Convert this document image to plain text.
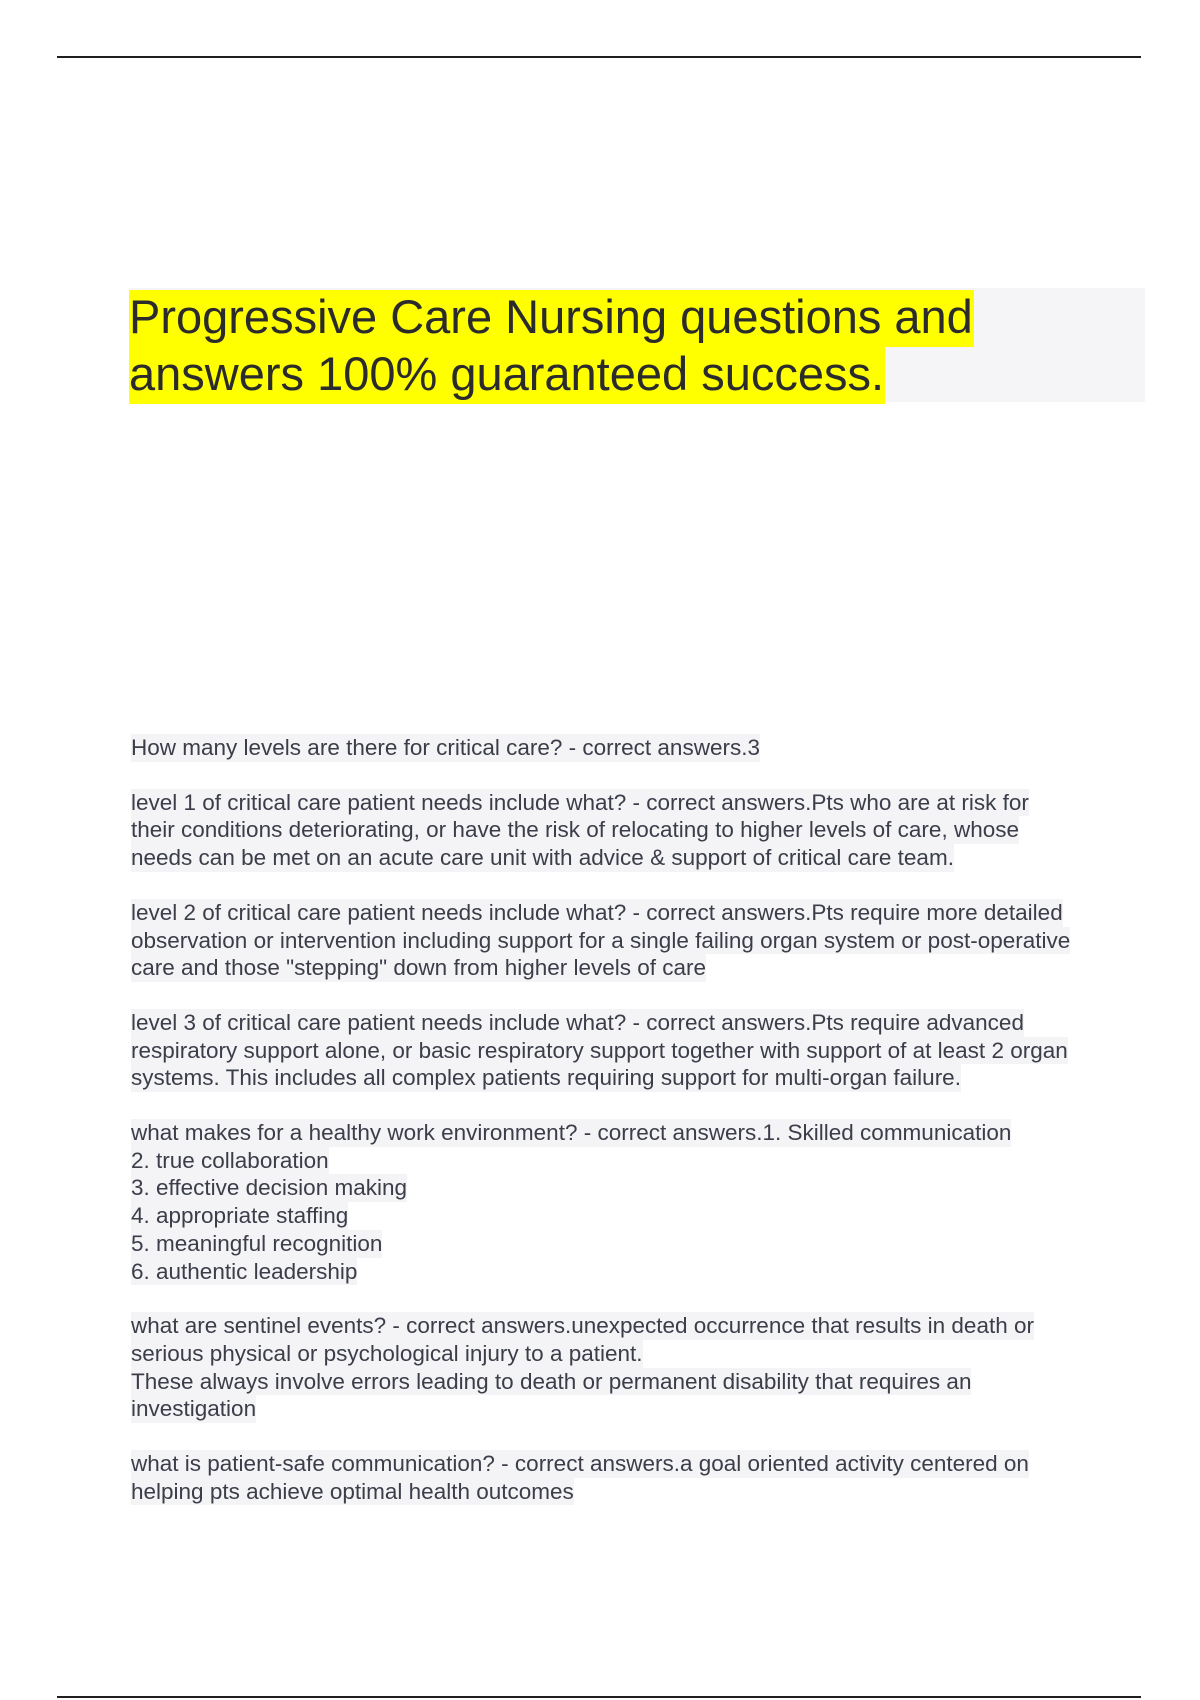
Progressive Care Nursing questions and
answers 100% guaranteed success.
How many levels are there for critical care? - correct answers.3
level 1 of critical care patient needs include what? - correct answers.Pts who are at risk for
their conditions deteriorating, or have the risk of relocating to higher levels of care, whose
needs can be met on an acute care unit with advice & support of critical care team.
level 2 of critical care patient needs include what? - correct answers.Pts require more detailed
observation or intervention including support for a single failing organ system or post-operative
care and those "stepping" down from higher levels of care
level 3 of critical care patient needs include what? - correct answers.Pts require advanced
respiratory support alone, or basic respiratory support together with support of at least 2 organ
systems. This includes all complex patients requiring support for multi-organ failure.
what makes for a healthy work environment? - correct answers.1. Skilled communication
2. true collaboration
3. effective decision making
4. appropriate staffing
5. meaningful recognition
6. authentic leadership
what are sentinel events? - correct answers.unexpected occurrence that results in death or
serious physical or psychological injury to a patient.
These always involve errors leading to death or permanent disability that requires an
investigation
what is patient-safe communication? - correct answers.a goal oriented activity centered on
helping pts achieve optimal health outcomes
